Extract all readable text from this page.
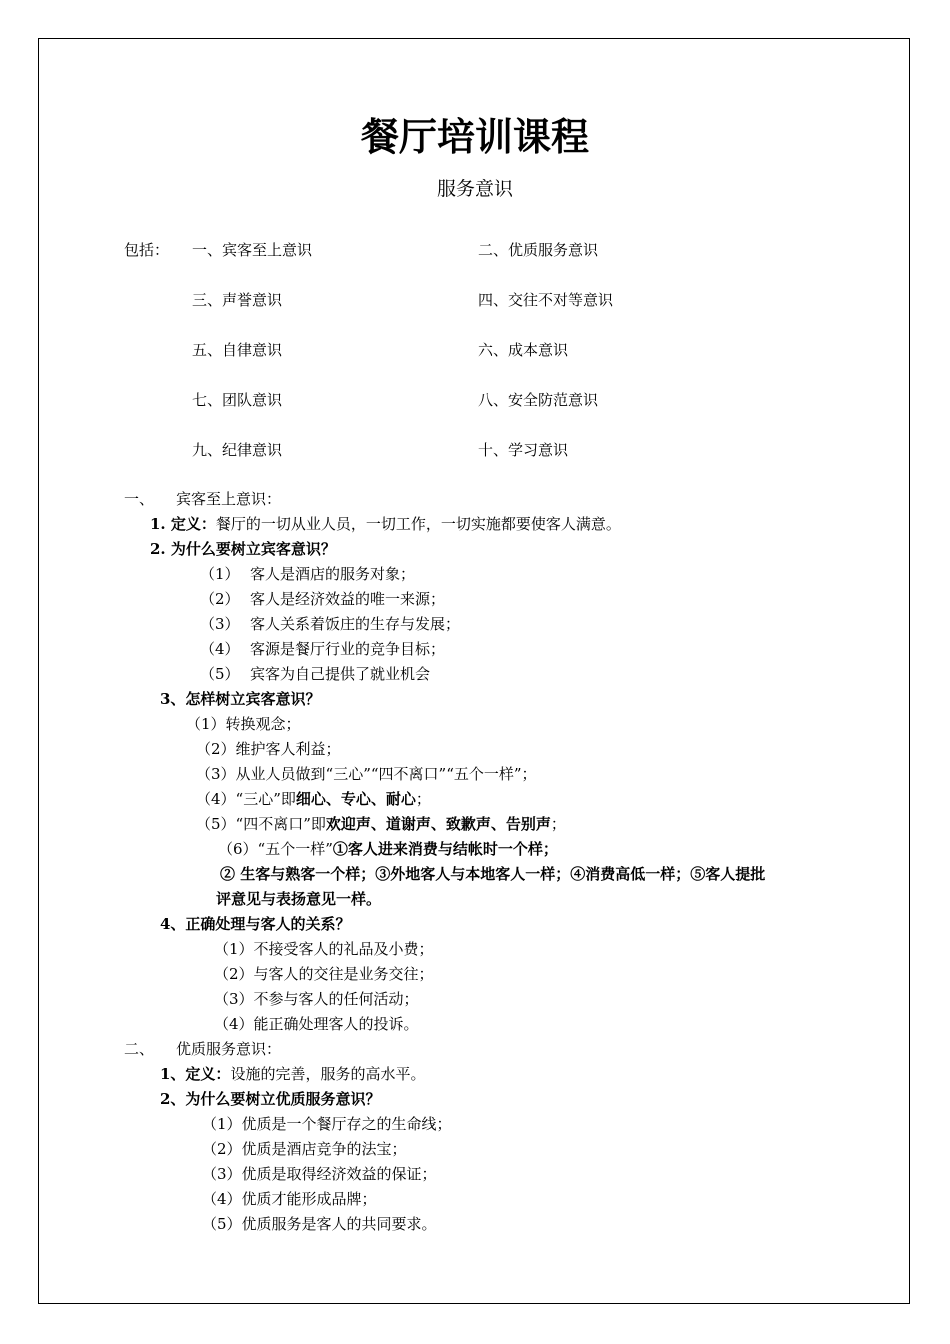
餐厅培训课程
服务意识
包括： 一、宾客至上意识	二、优质服务意识
三、声誉意识	四、交往不对等意识
五、自律意识	六、成本意识
七、团队意识	八、安全防范意识
九、纪律意识	十、学习意识
一、 宾客至上意识：
1. 定义：餐厅的一切从业人员，一切工作，一切实施都要使客人满意。
2. 为什么要树立宾客意识？
（1） 客人是酒店的服务对象；
（2） 客人是经济效益的唯一来源；
（3） 客人关系着饭庄的生存与发展；
（4） 客源是餐厅行业的竞争目标；
（5） 宾客为自己提供了就业机会
3、怎样树立宾客意识？
（1）转换观念；
（2）维护客人利益；
（3）从业人员做到“三心”“四不离口”“五个一样”；
（4）“三心”即细心、专心、耐心；
（5）“四不离口”即欢迎声、道谢声、致歉声、告别声；
（6）“五个一样”①客人进来消费与结帐时一个样；
② 生客与熟客一个样；③外地客人与本地客人一样；④消费高低一样；⑤客人提批
评意见与表扬意见一样。
4、正确处理与客人的关系？
（1）不接受客人的礼品及小费；
（2）与客人的交往是业务交往；
（3）不参与客人的任何活动；
（4）能正确处理客人的投诉。
二、 优质服务意识：
1、定义：设施的完善，服务的高水平。
2、为什么要树立优质服务意识？
（1）优质是一个餐厅存之的生命线；
（2）优质是酒店竞争的法宝；
（3）优质是取得经济效益的保证；
（4）优质才能形成品牌；
（5）优质服务是客人的共同要求。
